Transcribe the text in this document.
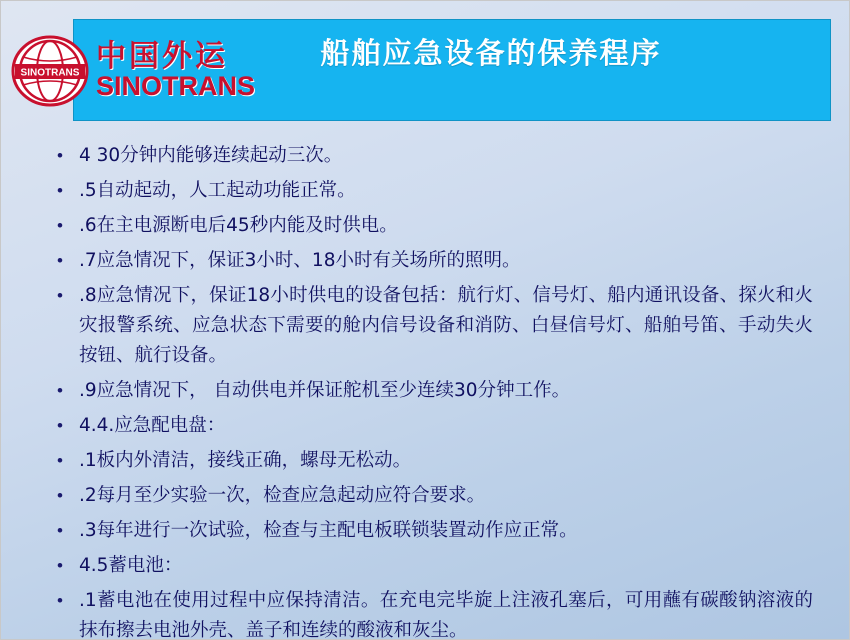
船舶应急设备的保养程序
SINOTRANS 中国外运
SINOTRANS
• 4 30分钟内能够连续起动三次。
• .5自动起动，人工起动功能正常。
• .6在主电源断电后45秒内能及时供电。
• .7应急情况下，保证3小时、18小时有关场所的照明。
• .8应急情况下，保证18小时供电的设备包括：航行灯、信号灯、船内通讯设备、探火和火灾报警系统、应急状态下需要的舱内信号设备和消防、白昼信号灯、船舶号笛、手动失火按钮、航行设备。
• .9应急情况下， 自动供电并保证舵机至少连续30分钟工作。
• 4.4.应急配电盘：
• .1板内外清洁，接线正确，螺母无松动。
• .2每月至少实验一次，检查应急起动应符合要求。
• .3每年进行一次试验，检查与主配电板联锁装置动作应正常。
• 4.5蓄电池：
• .1蓄电池在使用过程中应保持清洁。在充电完毕旋上注液孔塞后，可用蘸有碳酸钠溶液的抹布擦去电池外壳、盖子和连续的酸液和灰尘。
